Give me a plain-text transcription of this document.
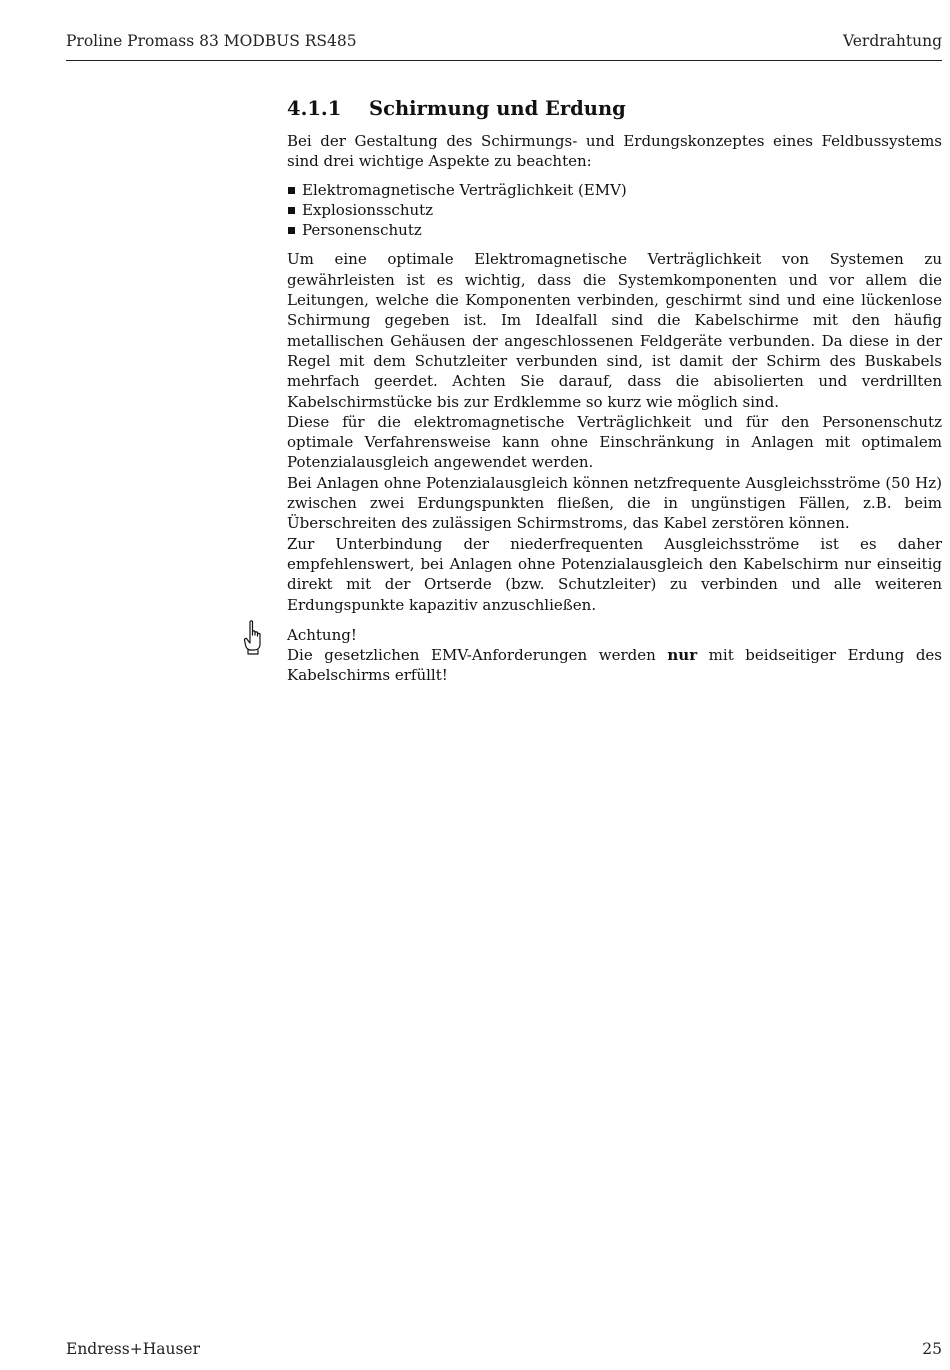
Proline Promass 83 MODBUS RS485	Verdrahtung
4.1.1 Schirmung und Erdung

Bei der Gestaltung des Schirmungs- und Erdungskonzeptes eines Feldbussystems sind drei wichtige Aspekte zu beachten:

Elektromagnetische Verträglichkeit (EMV)
Explosionsschutz
Personenschutz

Um eine optimale Elektromagnetische Verträglichkeit von Systemen zu gewährleisten ist es wichtig, dass die Systemkomponenten und vor allem die Leitungen, welche die Komponenten verbinden, geschirmt sind und eine lückenlose Schirmung gegeben ist. Im Idealfall sind die Kabelschirme mit den häufig metallischen Gehäusen der angeschlossenen Feldgeräte verbunden. Da diese in der Regel mit dem Schutzleiter verbunden sind, ist damit der Schirm des Buskabels mehrfach geerdet. Achten Sie darauf, dass die abisolierten und verdrillten Kabelschirmstücke bis zur Erdklemme so kurz wie möglich sind.

Diese für die elektromagnetische Verträglichkeit und für den Personenschutz optimale Verfahrensweise kann ohne Einschränkung in Anlagen mit optimalem Potenzialausgleich angewendet werden.

Bei Anlagen ohne Potenzialausgleich können netzfrequente Ausgleichsströme (50 Hz) zwischen zwei Erdungspunkten fließen, die in ungünstigen Fällen, z.B. beim Überschreiten des zulässigen Schirmstroms, das Kabel zerstören können.

Zur Unterbindung der niederfrequenten Ausgleichsströme ist es daher empfehlenswert, bei Anlagen ohne Potenzialausgleich den Kabelschirm nur einseitig direkt mit der Ortserde (bzw. Schutzleiter) zu verbinden und alle weiteren Erdungspunkte kapazitiv anzuschließen.

Achtung!

Die gesetzlichen EMV-Anforderungen werden nur mit beidseitiger Erdung des Kabelschirms erfüllt!

Endress+Hauser	25
